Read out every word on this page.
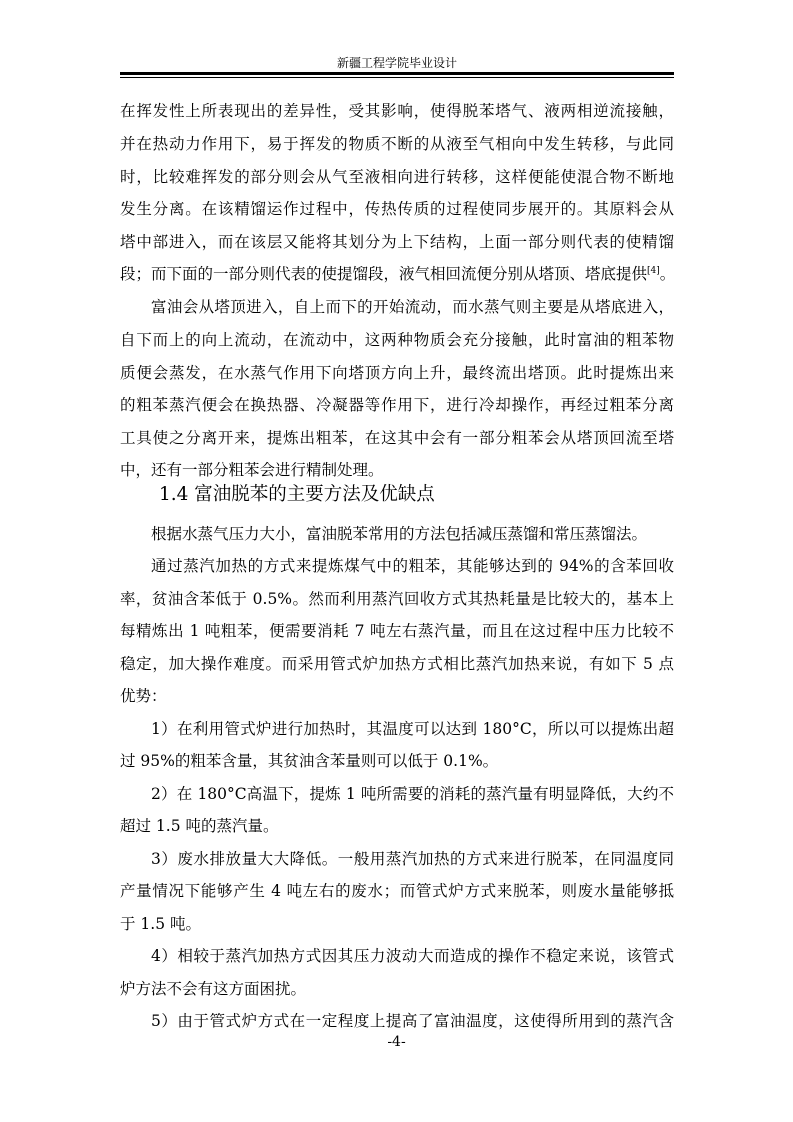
新疆工程学院毕业设计
在挥发性上所表现出的差异性，受其影响，使得脱苯塔气、液两相逆流接触，
并在热动力作用下，易于挥发的物质不断的从液至气相向中发生转移，与此同
时，比较难挥发的部分则会从气至液相向进行转移，这样便能使混合物不断地
发生分离。在该精馏运作过程中，传热传质的过程使同步展开的。其原料会从
塔中部进入，而在该层又能将其划分为上下结构，上面一部分则代表的使精馏
段；而下面的一部分则代表的使提馏段，液气相回流便分别从塔顶、塔底提供[4]。
富油会从塔顶进入，自上而下的开始流动，而水蒸气则主要是从塔底进入，
自下而上的向上流动，在流动中，这两种物质会充分接触，此时富油的粗苯物
质便会蒸发，在水蒸气作用下向塔顶方向上升，最终流出塔顶。此时提炼出来
的粗苯蒸汽便会在换热器、冷凝器等作用下，进行冷却操作，再经过粗苯分离
工具使之分离开来，提炼出粗苯，在这其中会有一部分粗苯会从塔顶回流至塔
中，还有一部分粗苯会进行精制处理。
1.4 富油脱苯的主要方法及优缺点
根据水蒸气压力大小，富油脱苯常用的方法包括减压蒸馏和常压蒸馏法。
通过蒸汽加热的方式来提炼煤气中的粗苯，其能够达到的 94%的含苯回收
率，贫油含苯低于 0.5%。然而利用蒸汽回收方式其热耗量是比较大的，基本上
每精炼出 1 吨粗苯，便需要消耗 7 吨左右蒸汽量，而且在这过程中压力比较不
稳定，加大操作难度。而采用管式炉加热方式相比蒸汽加热来说，有如下 5 点
优势：
1）在利用管式炉进行加热时，其温度可以达到 180°C，所以可以提炼出超
过 95%的粗苯含量，其贫油含苯量则可以低于 0.1%。
2）在 180°C高温下，提炼 1 吨所需要的消耗的蒸汽量有明显降低，大约不
超过 1.5 吨的蒸汽量。
3）废水排放量大大降低。一般用蒸汽加热的方式来进行脱苯，在同温度同
产量情况下能够产生 4 吨左右的废水；而管式炉方式来脱苯，则废水量能够抵
于 1.5 吨。
4）相较于蒸汽加热方式因其压力波动大而造成的操作不稳定来说，该管式
炉方法不会有这方面困扰。
5）由于管式炉方式在一定程度上提高了富油温度，这使得所用到的蒸汽含
-4-
